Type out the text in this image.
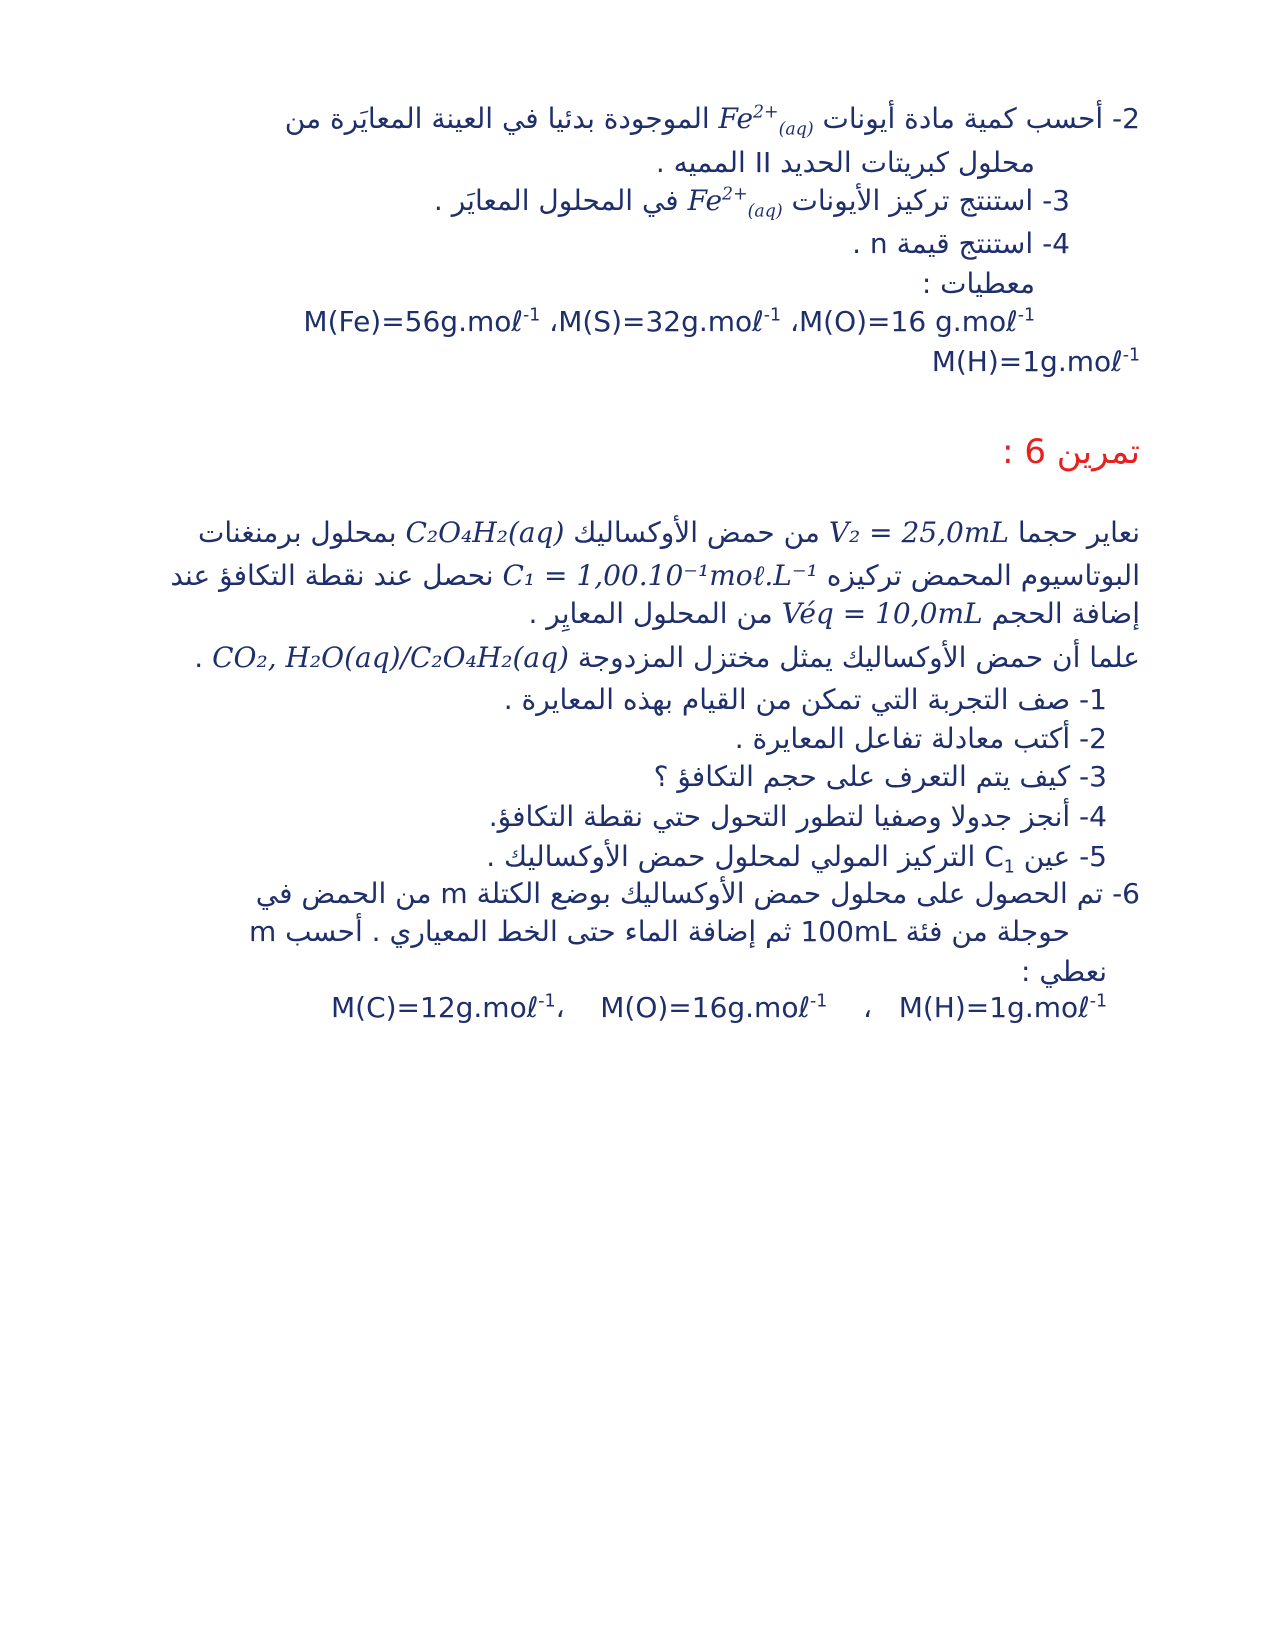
2- أحسب كمية مادة أيونات $Fe^{2+}_{(aq)}$ الموجودة بدئيا في العينة المعايَرة من
محلول كبريتات الحديد II المميه .
3- استنتج تركيز الأيونات $Fe^{2+}_{(aq)}$ في المحلول المعايَر .
4- استنتج قيمة n .
معطيات :
M(Fe)=56g.moℓ$^{-1}$ ،M(S)=32g.moℓ$^{-1}$ ،M(O)=16 g.moℓ$^{-1}$
M(H)=1g.moℓ$^{-1}$
تمرين 6 :
نعاير حجما V₂ = 25,0mL من حمض الأوكساليك C₂O₄H₂(aq) بمحلول برمنغنات
البوتاسيوم المحمض تركيزه C₁ = 1,00.10⁻¹moℓ.L⁻¹ نحصل عند نقطة التكافؤ عند
إضافة الحجم Véq = 10,0mL من المحلول المعايِر .
علما أن حمض الأوكساليك يمثل مختزل المزدوجة CO₂, H₂O(aq)/C₂O₄H₂(aq) .
1- صف التجربة التي تمكن من القيام بهذه المعايرة .
2- أكتب معادلة تفاعل المعايرة .
3- كيف يتم التعرف على حجم التكافؤ ؟
4- أنجز جدولا وصفيا لتطور التحول حتي نقطة التكافؤ.
5- عين $C_1$ التركيز المولي لمحلول حمض الأوكساليك .
6- تم الحصول على محلول حمض الأوكساليك بوضع الكتلة m من الحمض في
حوجلة من فئة 100mL ثم إضافة الماء حتى الخط المعياري . أحسب m
نعطي :
M(C)=12g.moℓ$^{-1}$، M(O)=16g.moℓ$^{-1}$ ، M(H)=1g.moℓ$^{-1}$
